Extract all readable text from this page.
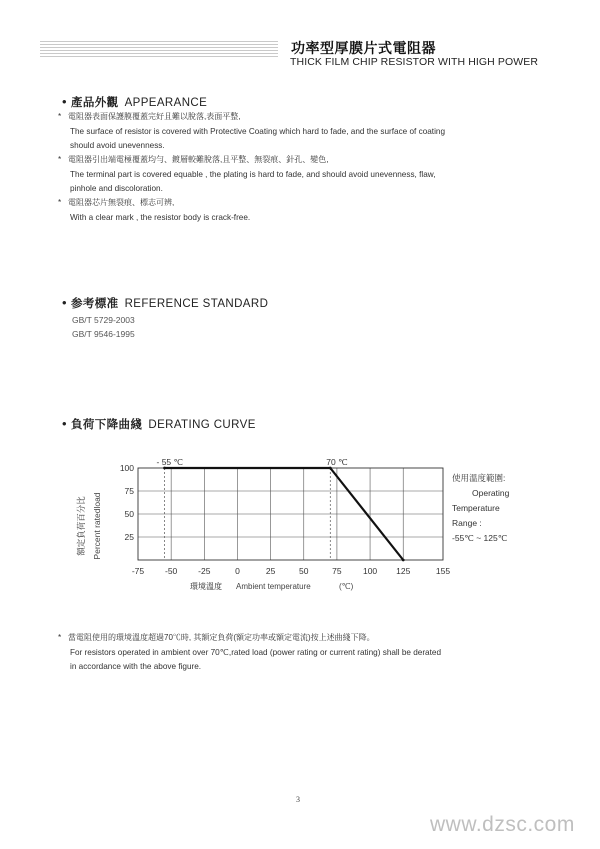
功率型厚膜片式電阻器
THICK FILM CHIP RESISTOR WITH HIGH POWER
• 產品外觀 APPEARANCE
* 電阻器表面保護膜覆蓋完好且難以脫落,表面平整,
The surface of resistor is covered with Protective Coating which hard to fade, and the surface of coating
should avoid unevenness.
* 電阻器引出端電極覆蓋均勻、鍍層較難脫落,且平整、無裂痕、針孔、變色,
The terminal part is covered equable , the plating is hard to fade, and should avoid unevenness, flaw,
pinhole and discoloration.
* 電阻器芯片無裂痕、標志可辨,
With a clear mark , the resistor body is crack-free.
• 参考標准 REFERENCE STANDARD
GB/T 5729-2003
GB/T 9546-1995
• 負荷下降曲綫 DERATING CURVE
- 55 ℃	70 ℃
-75 -50 -25	0	25	50	75	100 125	155
25
50
75
100
Percent ratedload
額定負荷百分比
環境溫度 Ambient temperature	(℃)
使用溫度範圍:
Operating
Temperature
Range :
-55℃ ~ 125℃
* 當電阻使用的環境溫度超過70℃時, 其額定負荷(額定功率或額定電流)按上述曲綫下降。
For resistors operated in ambient over 70℃,rated load (power rating or current rating) shall be derated
in accordance with the above figure.
3
www.dzsc.com
